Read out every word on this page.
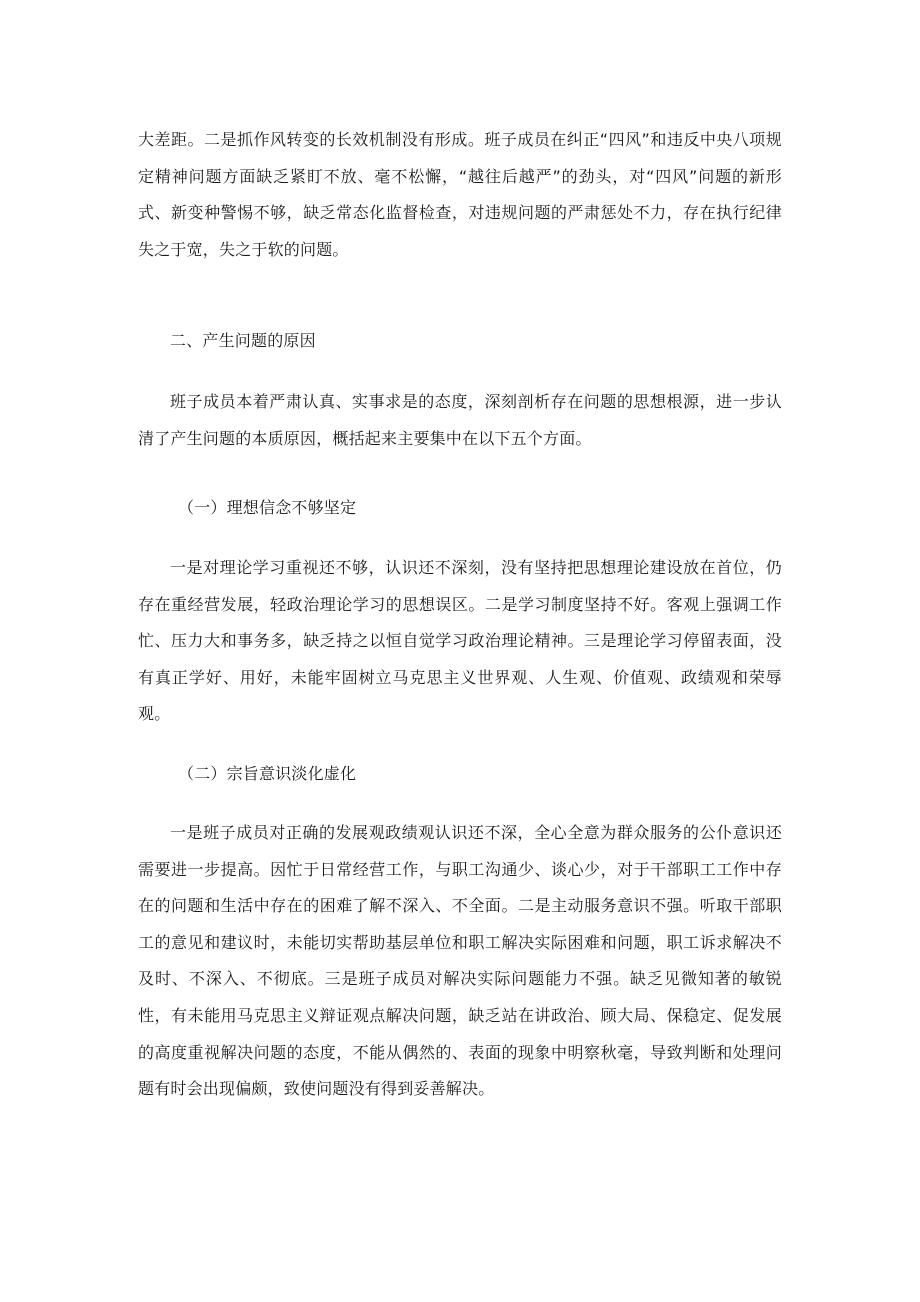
大差距。二是抓作风转变的长效机制没有形成。班子成员在纠正“四风”和违反中央八项规定精神问题方面缺乏紧盯不放、毫不松懈，“越往后越严”的劲头，对“四风”问题的新形式、新变种警惕不够，缺乏常态化监督检查，对违规问题的严肃惩处不力，存在执行纪律失之于宽，失之于软的问题。

二、产生问题的原因

班子成员本着严肃认真、实事求是的态度，深刻剖析存在问题的思想根源，进一步认清了产生问题的本质原因，概括起来主要集中在以下五个方面。

（一）理想信念不够坚定

一是对理论学习重视还不够，认识还不深刻，没有坚持把思想理论建设放在首位，仍存在重经营发展，轻政治理论学习的思想误区。二是学习制度坚持不好。客观上强调工作忙、压力大和事务多，缺乏持之以恒自觉学习政治理论精神。三是理论学习停留表面，没有真正学好、用好，未能牢固树立马克思主义世界观、人生观、价值观、政绩观和荣辱观。

（二）宗旨意识淡化虚化

一是班子成员对正确的发展观政绩观认识还不深，全心全意为群众服务的公仆意识还需要进一步提高。因忙于日常经营工作，与职工沟通少、谈心少，对于干部职工工作中存在的问题和生活中存在的困难了解不深入、不全面。二是主动服务意识不强。听取干部职工的意见和建议时，未能切实帮助基层单位和职工解决实际困难和问题，职工诉求解决不及时、不深入、不彻底。三是班子成员对解决实际问题能力不强。缺乏见微知著的敏锐性，有未能用马克思主义辩证观点解决问题，缺乏站在讲政治、顾大局、保稳定、促发展的高度重视解决问题的态度，不能从偶然的、表面的现象中明察秋毫，导致判断和处理问题有时会出现偏颇，致使问题没有得到妥善解决。
